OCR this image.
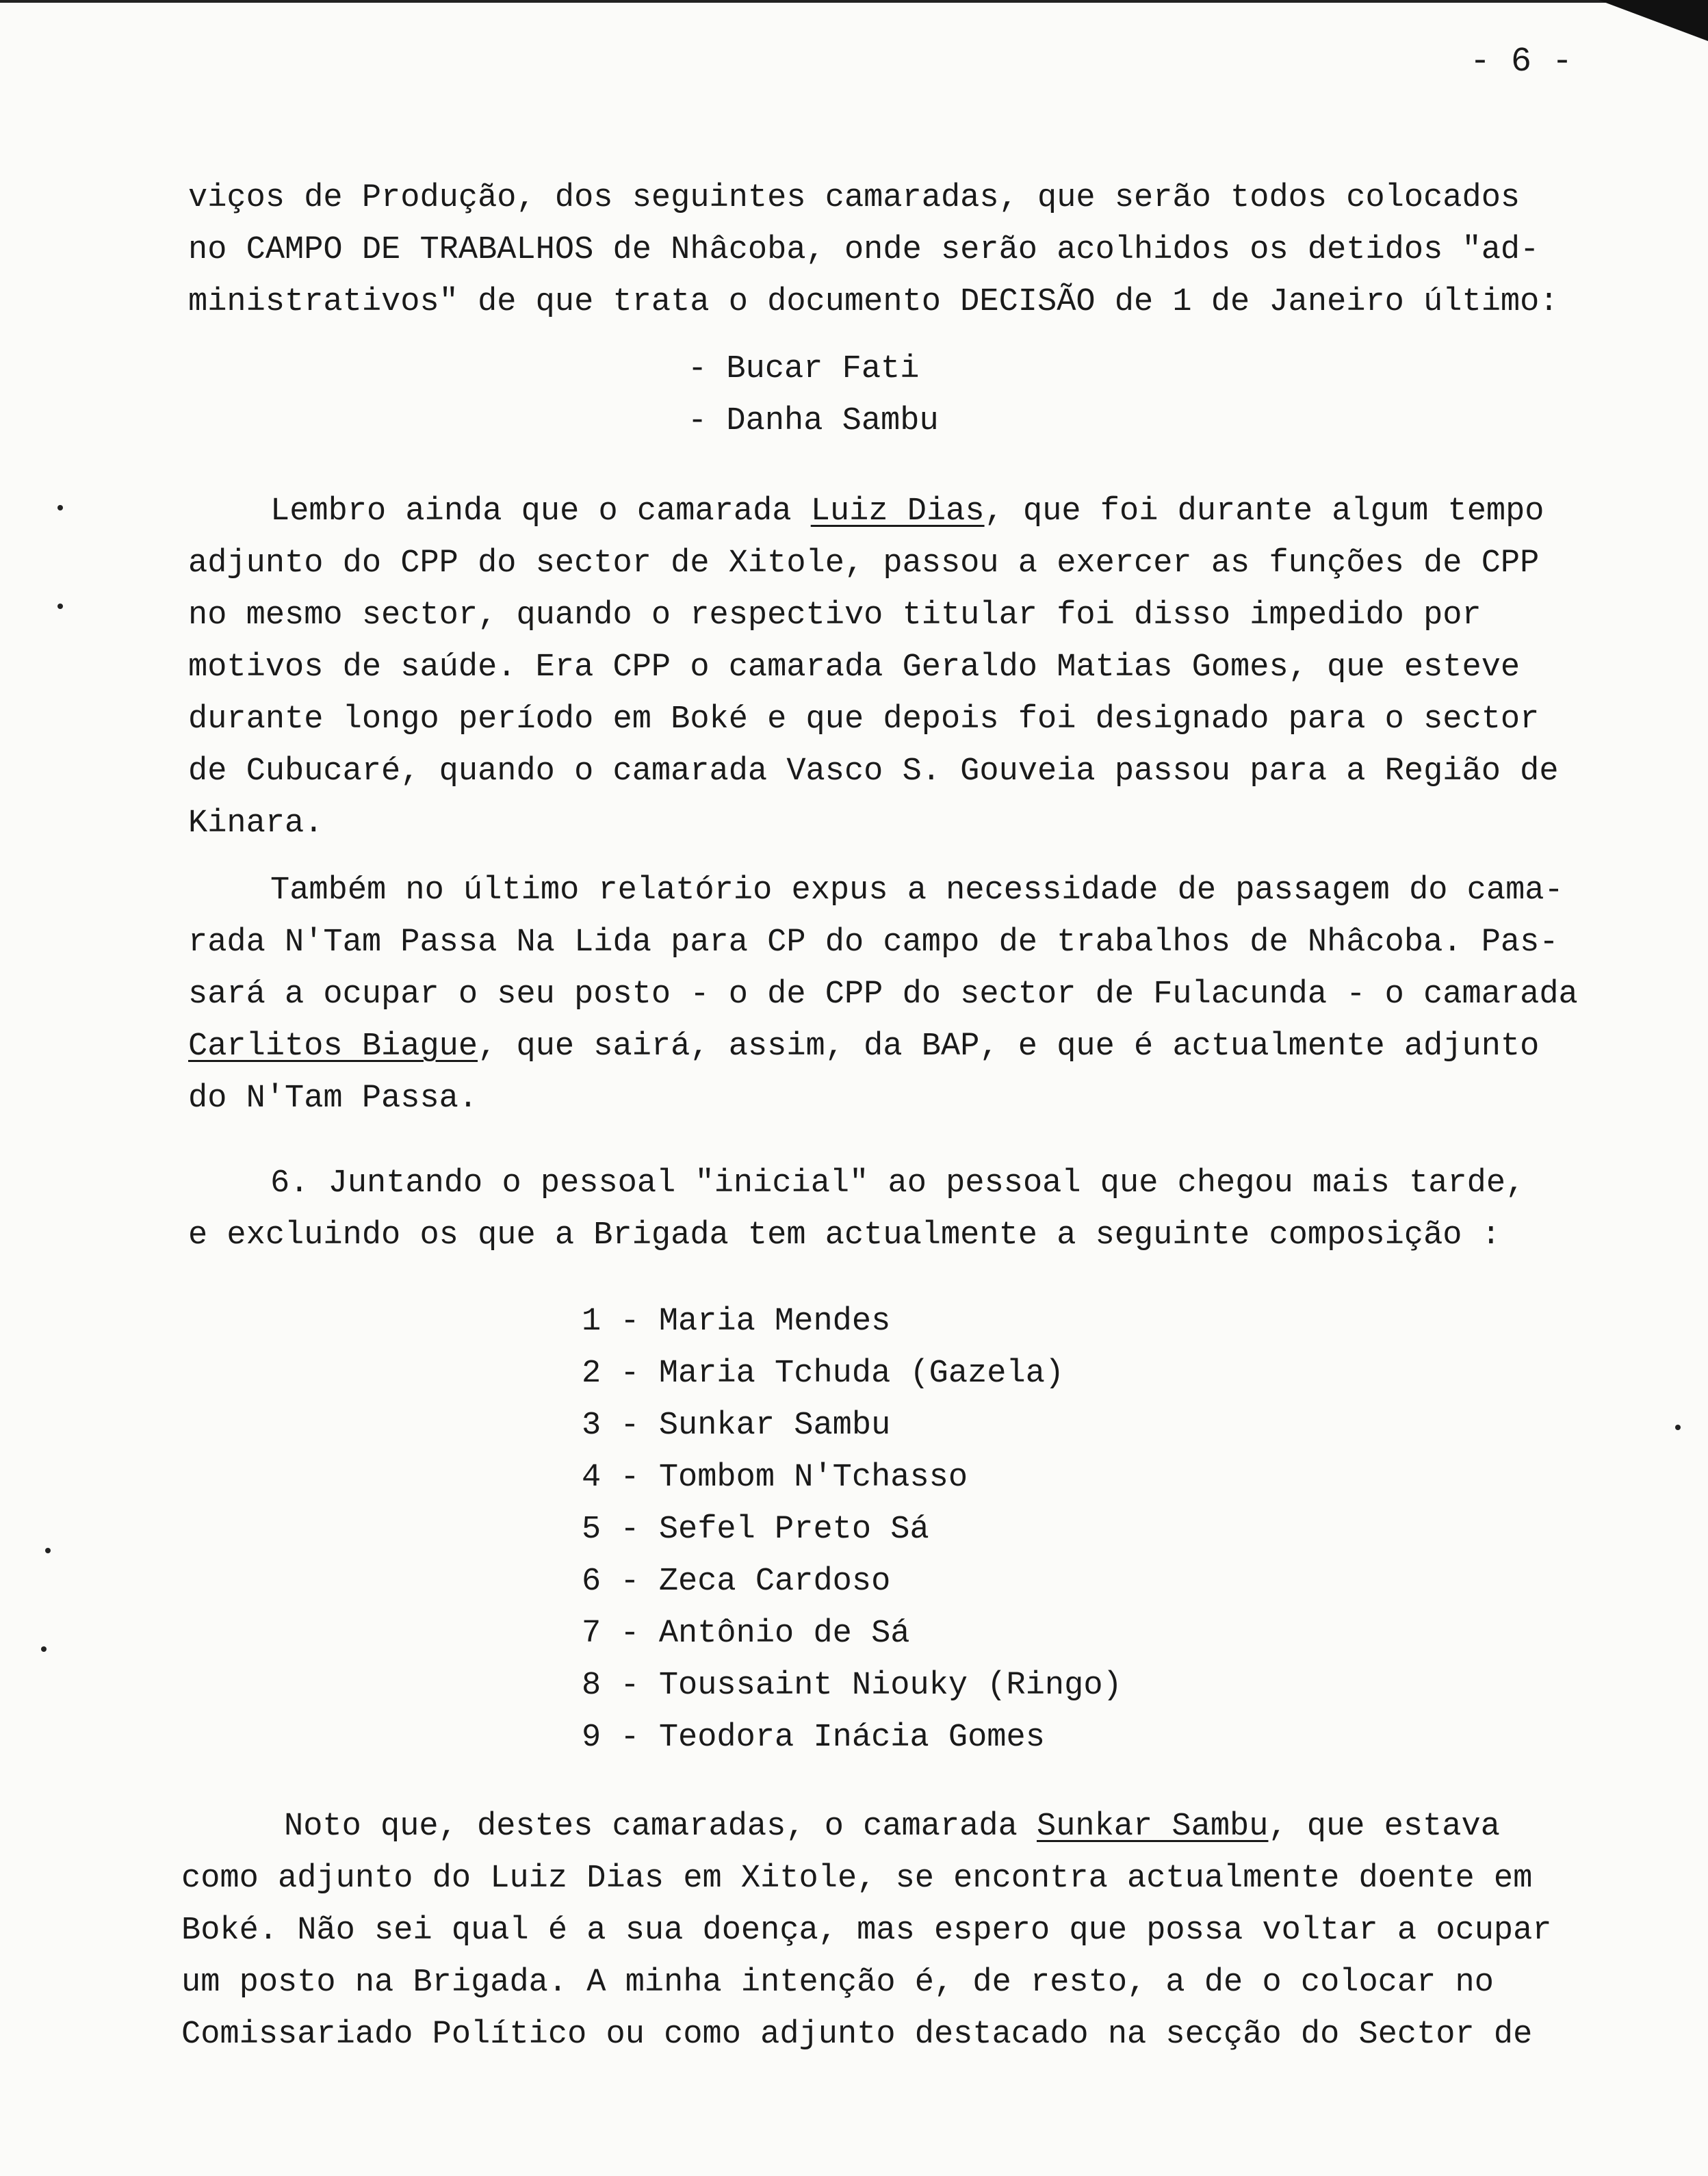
- 6 -
viços de Produção, dos seguintes camaradas, que serão todos colocados
no CAMPO DE TRABALHOS de Nhâcoba, onde serão acolhidos os detidos "ad-
ministrativos" de que trata o documento DECISÃO de 1 de Janeiro último:
- Bucar Fati
- Danha Sambu
Lembro ainda que o camarada Luiz Dias, que foi durante algum tempo
adjunto do CPP do sector de Xitole, passou a exercer as funções de CPP
no mesmo sector, quando o respectivo titular foi disso impedido por
motivos de saúde. Era CPP o camarada Geraldo Matias Gomes, que esteve
durante longo período em Boké e que depois foi designado para o sector
de Cubucaré, quando o camarada Vasco S. Gouveia passou para a Região de
Kinara.
Também no último relatório expus a necessidade de passagem do cama-
rada N'Tam Passa Na Lida para CP do campo de trabalhos de Nhâcoba. Pas-
sará a ocupar o seu posto - o de CPP do sector de Fulacunda - o camarada
Carlitos Biague, que sairá, assim, da BAP, e que é actualmente adjunto
do N'Tam Passa.
6. Juntando o pessoal "inicial" ao pessoal que chegou mais tarde,
e excluindo os que a Brigada tem actualmente a seguinte composição :
1 - Maria Mendes
2 - Maria Tchuda (Gazela)
3 - Sunkar Sambu
4 - Tombom N'Tchasso
5 - Sefel Preto Sá
6 - Zeca Cardoso
7 - Antônio de Sá
8 - Toussaint Niouky (Ringo)
9 - Teodora Inácia Gomes
Noto que, destes camaradas, o camarada Sunkar Sambu, que estava
como adjunto do Luiz Dias em Xitole, se encontra actualmente doente em
Boké. Não sei qual é a sua doença, mas espero que possa voltar a ocupar
um posto na Brigada. A minha intenção é, de resto, a de o colocar no
Comissariado Político ou como adjunto destacado na secção do Sector de
